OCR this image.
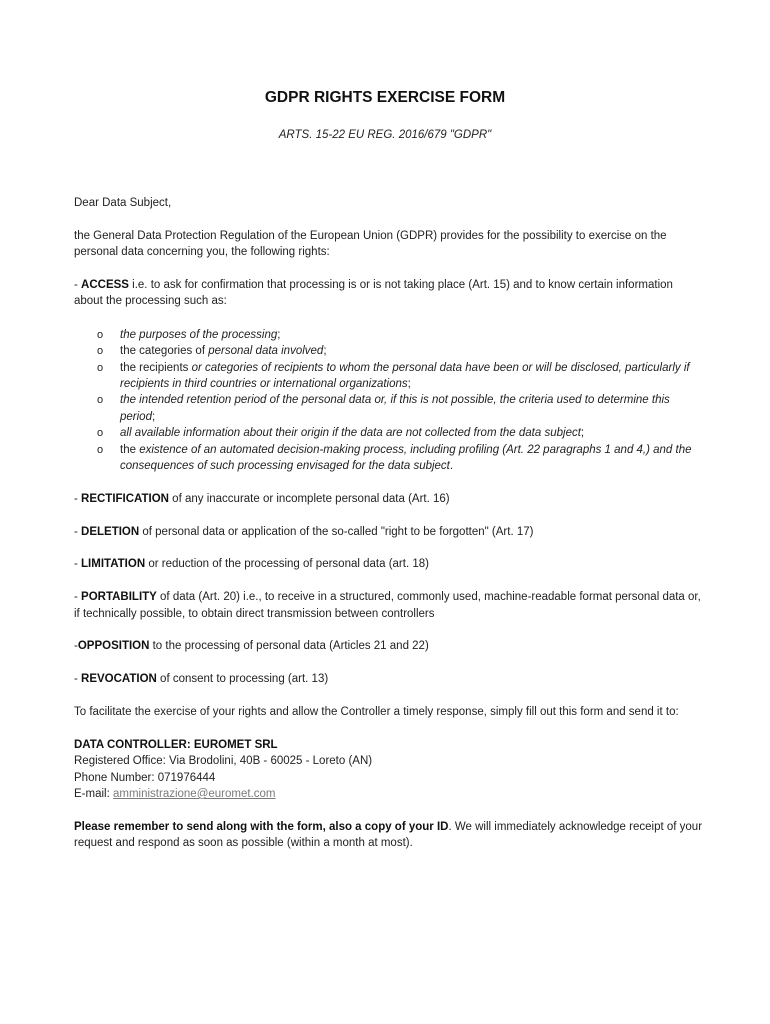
GDPR RIGHTS EXERCISE FORM
ARTS. 15-22 EU REG. 2016/679 "GDPR"

Dear Data Subject,

the General Data Protection Regulation of the European Union (GDPR) provides for the possibility to exercise on the personal data concerning you, the following rights:

- ACCESS i.e. to ask for confirmation that processing is or is not taking place (Art. 15) and to know certain information about the processing such as:

o the purposes of the processing;
o the categories of personal data involved;
o the recipients or categories of recipients to whom the personal data have been or will be disclosed, particularly if recipients in third countries or international organizations;
o the intended retention period of the personal data or, if this is not possible, the criteria used to determine this period;
o all available information about their origin if the data are not collected from the data subject;
o the existence of an automated decision-making process, including profiling (Art. 22 paragraphs 1 and 4,) and the consequences of such processing envisaged for the data subject.

- RECTIFICATION of any inaccurate or incomplete personal data (Art. 16)

- DELETION of personal data or application of the so-called "right to be forgotten" (Art. 17)

- LIMITATION or reduction of the processing of personal data (art. 18)

- PORTABILITY of data (Art. 20) i.e., to receive in a structured, commonly used, machine-readable format personal data or, if technically possible, to obtain direct transmission between controllers

-OPPOSITION to the processing of personal data (Articles 21 and 22)

- REVOCATION of consent to processing (art. 13)

To facilitate the exercise of your rights and allow the Controller a timely response, simply fill out this form and send it to:

DATA CONTROLLER: EUROMET SRL
Registered Office: Via Brodolini, 40B - 60025 - Loreto (AN)
Phone Number: 071976444
E-mail: amministrazione@euromet.com

Please remember to send along with the form, also a copy of your ID. We will immediately acknowledge receipt of your request and respond as soon as possible (within a month at most).
